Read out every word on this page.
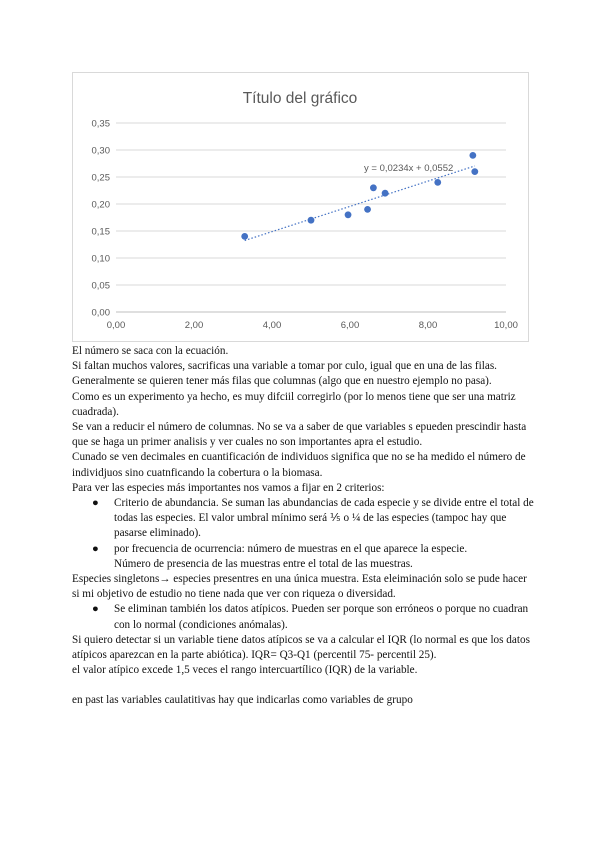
Título del gráfico
0,00
0,05
0,10
0,15
0,20
0,25
0,30
0,35
0,00	2,00	4,00	6,00	8,00	10,00
y = 0,0234x + 0,0552

El número se saca con la ecuación.

Si faltan muchos valores, sacrificas una variable a tomar por culo, igual que en una de las filas.

Generalmente se quieren tener más filas que columnas (algo que en nuestro ejemplo no pasa).

Como es un experimento ya hecho, es muy difciil corregirlo (por lo menos tiene que ser una matriz cuadrada).

Se van a reducir el número de columnas. No se va a saber de que variables s epueden prescindir hasta que se haga un primer analisis y ver cuales no son importantes apra el estudio.

Cunado se ven decimales en cuantificación de individuos significa que no se ha medido el número de individjuos sino cuatnficando la cobertura o la biomasa.

Para ver las especies más importantes nos vamos a fijar en 2 criterios:

● Criterio de abundancia. Se suman las abundancias de cada especie y se divide entre el total de todas las especies. El valor umbral mínimo será ⅕ o ¼ de las especies (tampoc hay que pasarse eliminado).
● por frecuencia de ocurrencia: número de muestras en el que aparece la especie.
Número de presencia de las muestras entre el total de las muestras.

Especies singletons→ especies presentres en una única muestra. Esta eleiminación solo se pude hacer si mi objetivo de estudio no tiene nada que ver con riqueza o diversidad.

● Se eliminan también los datos atípicos. Pueden ser porque son erróneos o porque no cuadran con lo normal (condiciones anómalas).

Si quiero detectar si un variable tiene datos atípicos se va a calcular el IQR (lo normal es que los datos atípicos aparezcan en la parte abiótica). IQR= Q3-Q1 (percentil 75- percentil 25).

el valor atípico excede 1,5 veces el rango intercuartílico (IQR) de la variable.

en past las variables caulatitivas hay que indicarlas como variables de grupo
